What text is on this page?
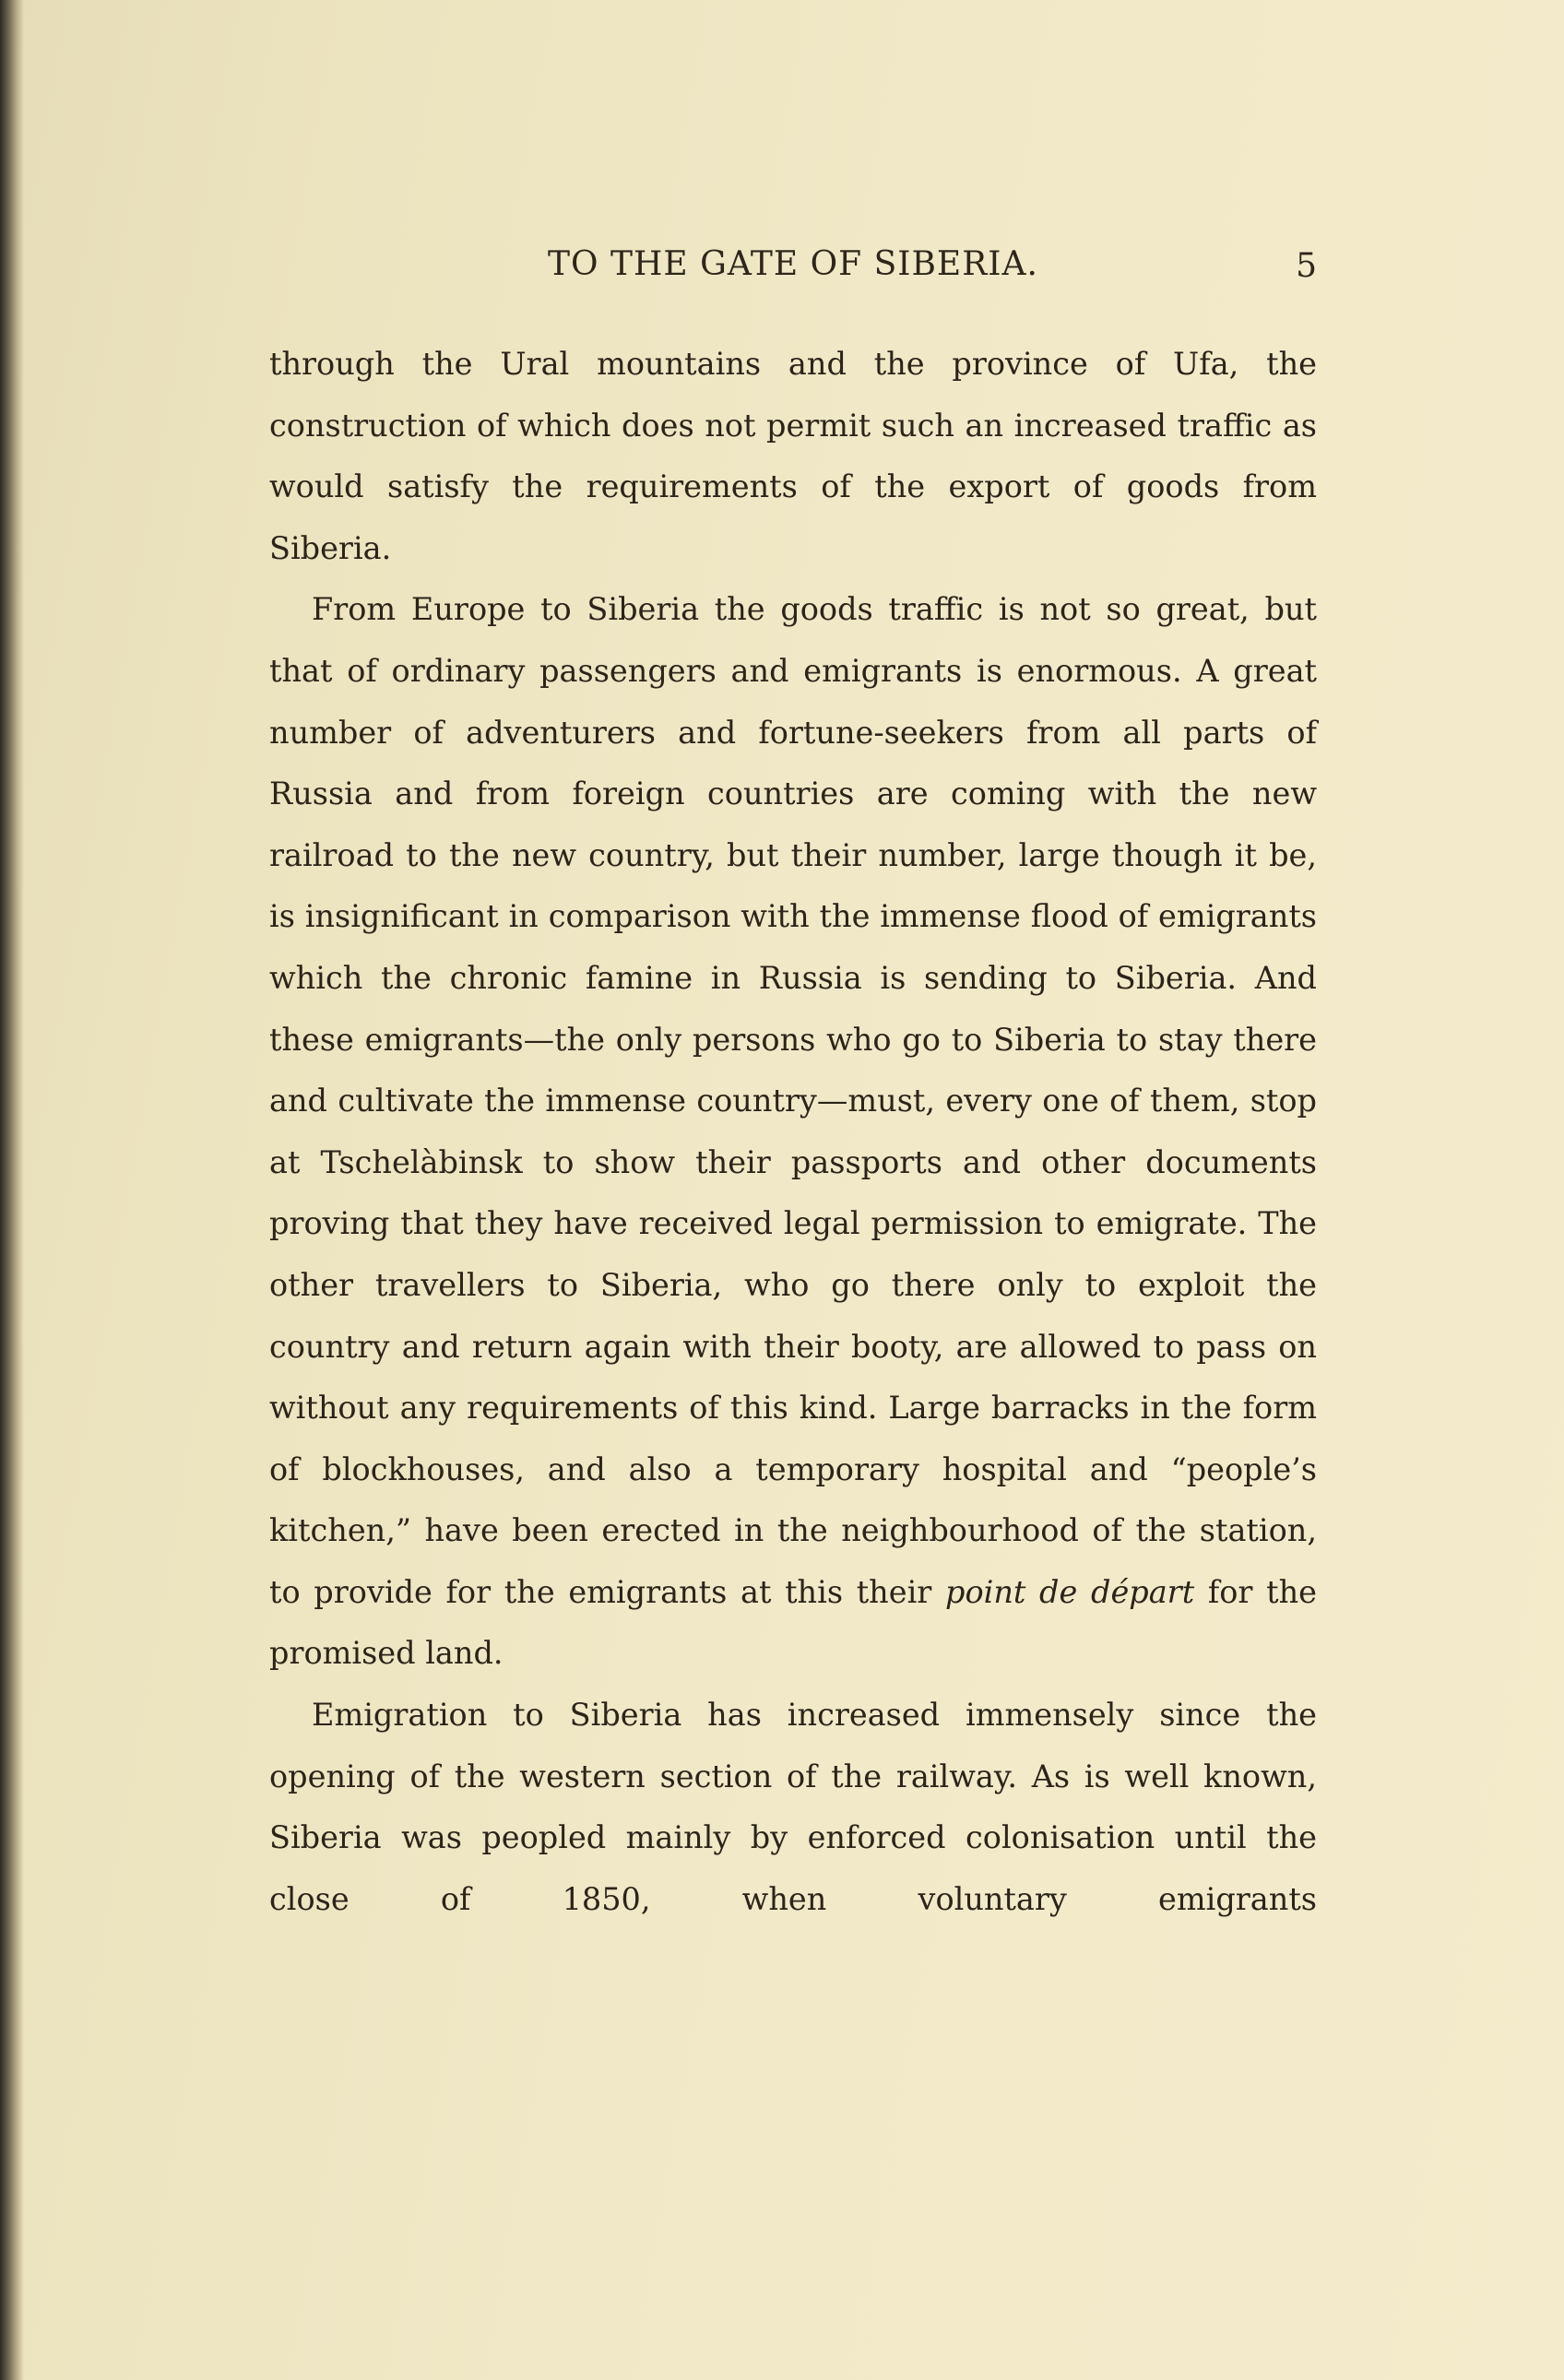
TO THE GATE OF SIBERIA.	5

through the Ural mountains and the province of Ufa, the construction of which does not permit such an increased traffic as would satisfy the requirements of the export of goods from Siberia.

From Europe to Siberia the goods traffic is not so great, but that of ordinary passengers and emigrants is enormous. A great number of adventurers and fortune-seekers from all parts of Russia and from foreign countries are coming with the new railroad to the new country, but their number, large though it be, is insignificant in comparison with the immense flood of emigrants which the chronic famine in Russia is sending to Siberia. And these emigrants—the only persons who go to Siberia to stay there and cultivate the immense country—must, every one of them, stop at Tschelàbinsk to show their passports and other documents proving that they have received legal permission to emigrate. The other travellers to Siberia, who go there only to exploit the country and return again with their booty, are allowed to pass on without any requirements of this kind. Large barracks in the form of blockhouses, and also a temporary hospital and “people’s kitchen,” have been erected in the neighbourhood of the station, to provide for the emigrants at this their point de départ for the promised land.

Emigration to Siberia has increased immensely since the opening of the western section of the railway. As is well known, Siberia was peopled mainly by enforced colonisation until the close of 1850, when voluntary emigrants
